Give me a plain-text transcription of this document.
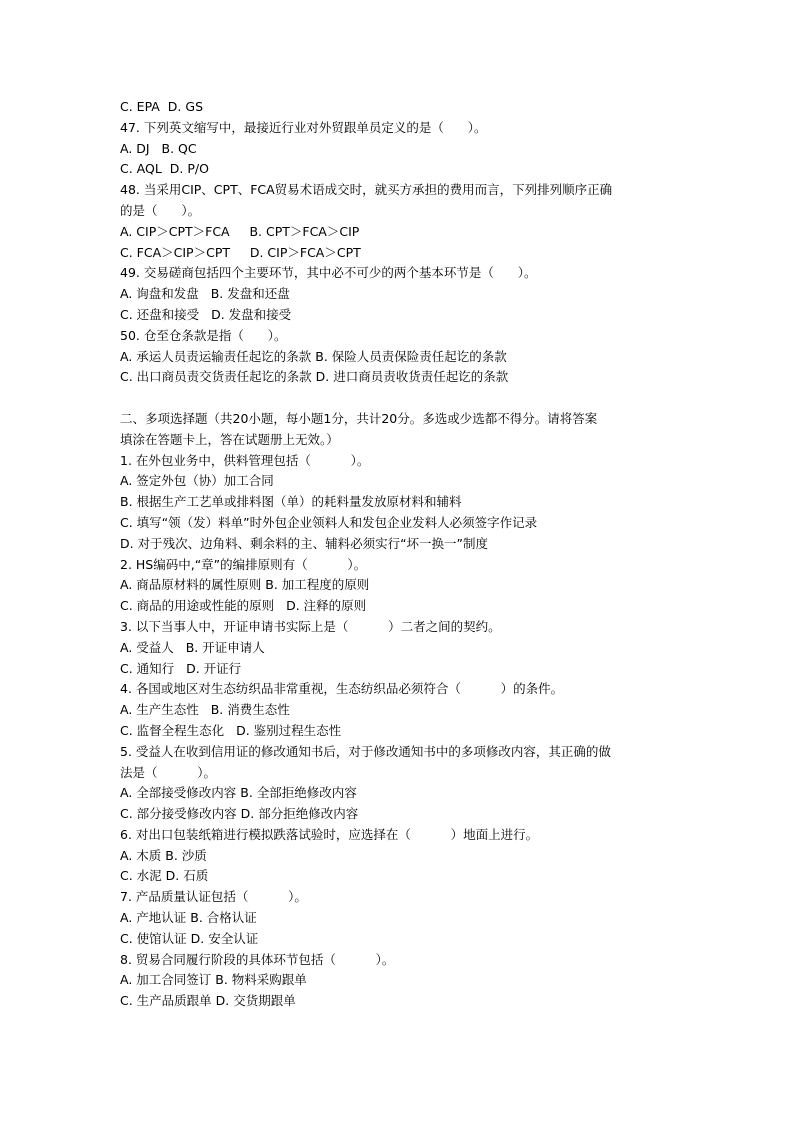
C. EPA  D. GS
47. 下列英文缩写中，最接近行业对外贸跟单员定义的是（      ）。
A. DJ   B. QC
C. AQL  D. P/O
48. 当采用CIP、CPT、FCA贸易术语成交时，就买方承担的费用而言，下列排列顺序正确
的是（      ）。
A. CIP＞CPT＞FCA     B. CPT＞FCA＞CIP
C. FCA＞CIP＞CPT     D. CIP＞FCA＞CPT
49. 交易磋商包括四个主要环节，其中必不可少的两个基本环节是（      ）。
A. 询盘和发盘   B. 发盘和还盘
C. 还盘和接受   D. 发盘和接受
50. 仓至仓条款是指（      ）。
A. 承运人员责运输责任起讫的条款 B. 保险人员责保险责任起讫的条款
C. 出口商员责交货责任起讫的条款 D. 进口商员责收货责任起讫的条款
二、多项选择题（共20小题，每小题1分，共计20分。多选或少选都不得分。请将答案
填涂在答题卡上，答在试题册上无效。）
1. 在外包业务中，供料管理包括（          ）。
A. 签定外包（协）加工合同
B. 根据生产工艺单或排料图（单）的耗料量发放原材料和辅料
C. 填写“领（发）料单”时外包企业领料人和发包企业发料人必须签字作记录
D. 对于残次、边角料、剩余料的主、辅料必须实行“坏一换一”制度
2. HS编码中,“章”的编排原则有（          ）。
A. 商品原材料的属性原则 B. 加工程度的原则
C. 商品的用途或性能的原则   D. 注释的原则
3. 以下当事人中，开证申请书实际上是（          ）二者之间的契约。
A. 受益人   B. 开证申请人
C. 通知行   D. 开证行
4. 各国或地区对生态纺织品非常重视，生态纺织品必须符合（          ）的条件。
A. 生产生态性   B. 消费生态性
C. 监督全程生态化   D. 鉴别过程生态性
5. 受益人在收到信用证的修改通知书后，对于修改通知书中的多项修改内容，其正确的做
法是（          ）。
A. 全部接受修改内容 B. 全部拒绝修改内容
C. 部分接受修改内容 D. 部分拒绝修改内容
6. 对出口包装纸箱进行模拟跌落试验时，应选择在（          ）地面上进行。
A. 木质 B. 沙质
C. 水泥 D. 石质
7. 产品质量认证包括（          ）。
A. 产地认证 B. 合格认证
C. 使馆认证 D. 安全认证
8. 贸易合同履行阶段的具体环节包括（          ）。
A. 加工合同签订 B. 物料采购跟单
C. 生产品质跟单 D. 交货期跟单
